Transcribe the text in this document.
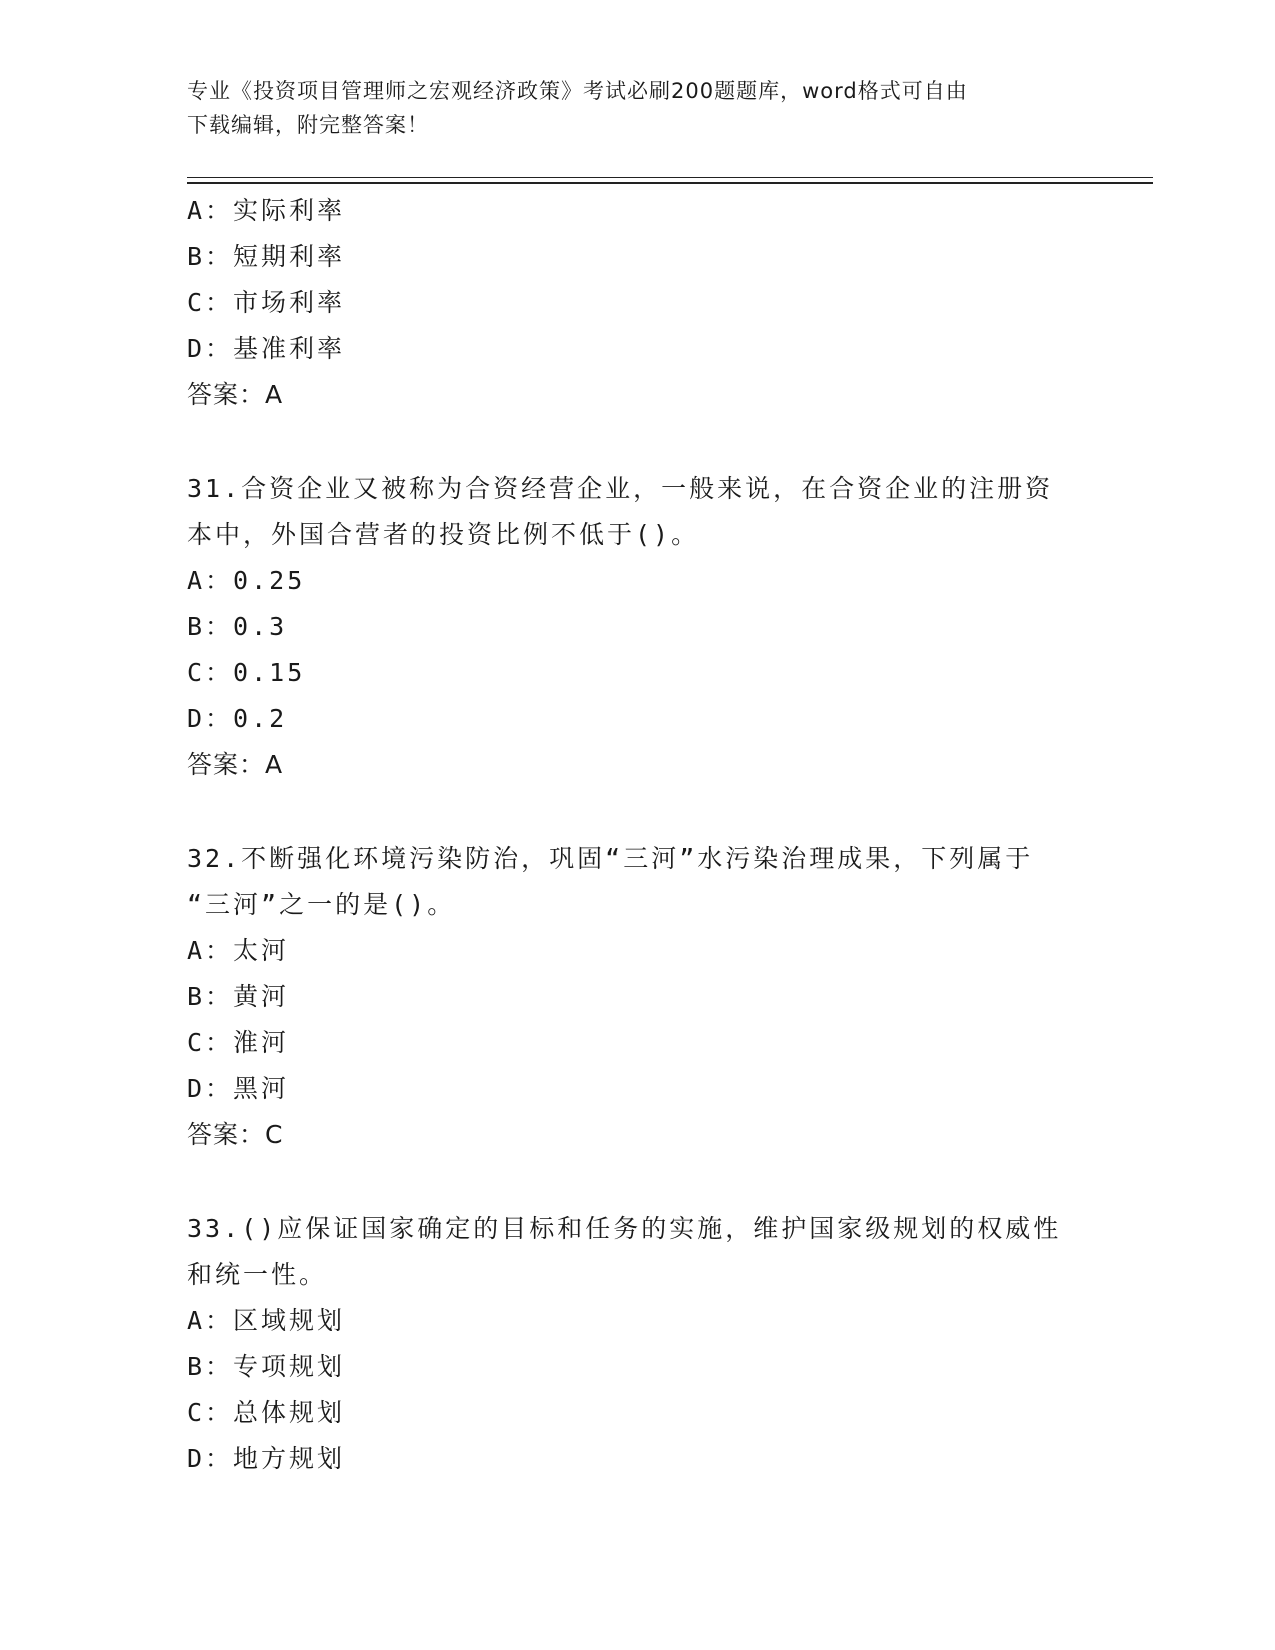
专业《投资项目管理师之宏观经济政策》考试必刷200题题库，word格式可自由
下载编辑，附完整答案！
A：实际利率
B：短期利率
C：市场利率
D：基准利率
答案：A
31.合资企业又被称为合资经营企业，一般来说，在合资企业的注册资
本中，外国合营者的投资比例不低于()。
A：0.25
B：0.3
C：0.15
D：0.2
答案：A
32.不断强化环境污染防治，巩固“三河”水污染治理成果，下列属于
“三河”之一的是()。
A：太河
B：黄河
C：淮河
D：黑河
答案：C
33.()应保证国家确定的目标和任务的实施，维护国家级规划的权威性
和统一性。
A：区域规划
B：专项规划
C：总体规划
D：地方规划
